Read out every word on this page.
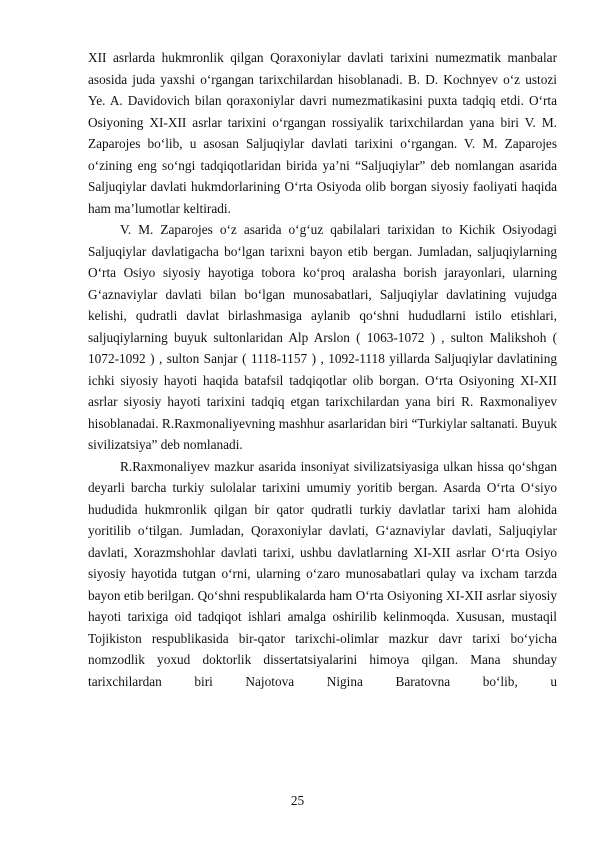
XII asrlarda hukmronlik qilgan Qoraxoniylar davlati tarixini numezmatik manbalar asosida juda yaxshi o‘rgangan tarixchilardan hisoblanadi. B. D. Kochnyev o‘z ustozi Ye. A. Davidovich bilan qoraxoniylar davri numezmatikasini puxta tadqiq etdi. O‘rta Osiyoning XI-XII asrlar tarixini o‘rgangan rossiyalik tarixchilardan yana biri V. M. Zaparojes bo‘lib, u asosan Saljuqiylar davlati tarixini o‘rgangan. V. M. Zaparojes o‘zining eng so‘ngi tadqiqotlaridan birida ya’ni “Saljuqiylar” deb nomlangan asarida Saljuqiylar davlati hukmdorlarining O‘rta Osiyoda olib borgan siyosiy faoliyati haqida ham ma’lumotlar keltiradi.

V. M. Zaparojes o‘z asarida o‘g‘uz qabilalari tarixidan to Kichik Osiyodagi Saljuqiylar davlatigacha bo‘lgan tarixni bayon etib bergan. Jumladan, saljuqiylarning O‘rta Osiyo siyosiy hayotiga tobora ko‘proq aralasha borish jarayonlari, ularning G‘aznaviylar davlati bilan bo‘lgan munosabatlari, Saljuqiylar davlatining vujudga kelishi, qudratli davlat birlashmasiga aylanib qo‘shni hududlarni istilo etishlari, saljuqiylarning buyuk sultonlaridan Alp Arslon ( 1063-1072 ) , sulton Malikshoh ( 1072-1092 ) , sulton Sanjar ( 1118-1157 ) , 1092-1118 yillarda Saljuqiylar davlatining ichki siyosiy hayoti haqida batafsil tadqiqotlar olib borgan. O‘rta Osiyoning XI-XII asrlar siyosiy hayoti tarixini tadqiq etgan tarixchilardan yana biri R. Raxmonaliyev hisoblanadai. R.Raxmonaliyevning mashhur asarlaridan biri “Turkiylar saltanati. Buyuk sivilizatsiya” deb nomlanadi.

R.Raxmonaliyev mazkur asarida insoniyat sivilizatsiyasiga ulkan hissa qo‘shgan deyarli barcha turkiy sulolalar tarixini umumiy yoritib bergan. Asarda O‘rta O‘siyo hududida hukmronlik qilgan bir qator qudratli turkiy davlatlar tarixi ham alohida yoritilib o‘tilgan. Jumladan, Qoraxoniylar davlati, G‘aznaviylar davlati, Saljuqiylar davlati, Xorazmshohlar davlati tarixi, ushbu davlatlarning XI-XII asrlar O‘rta Osiyo siyosiy hayotida tutgan o‘rni, ularning o‘zaro munosabatlari qulay va ixcham tarzda bayon etib berilgan. Qo‘shni respublikalarda ham O‘rta Osiyoning XI-XII asrlar siyosiy hayoti tarixiga oid tadqiqot ishlari amalga oshirilib kelinmoqda. Xususan, mustaqil Tojikiston respublikasida bir-qator tarixchi-olimlar mazkur davr tarixi bo‘yicha nomzodlik yoxud doktorlik dissertatsiyalarini himoya qilgan. Mana shunday tarixchilardan biri Najotova Nigina Baratovna bo‘lib, u

25
